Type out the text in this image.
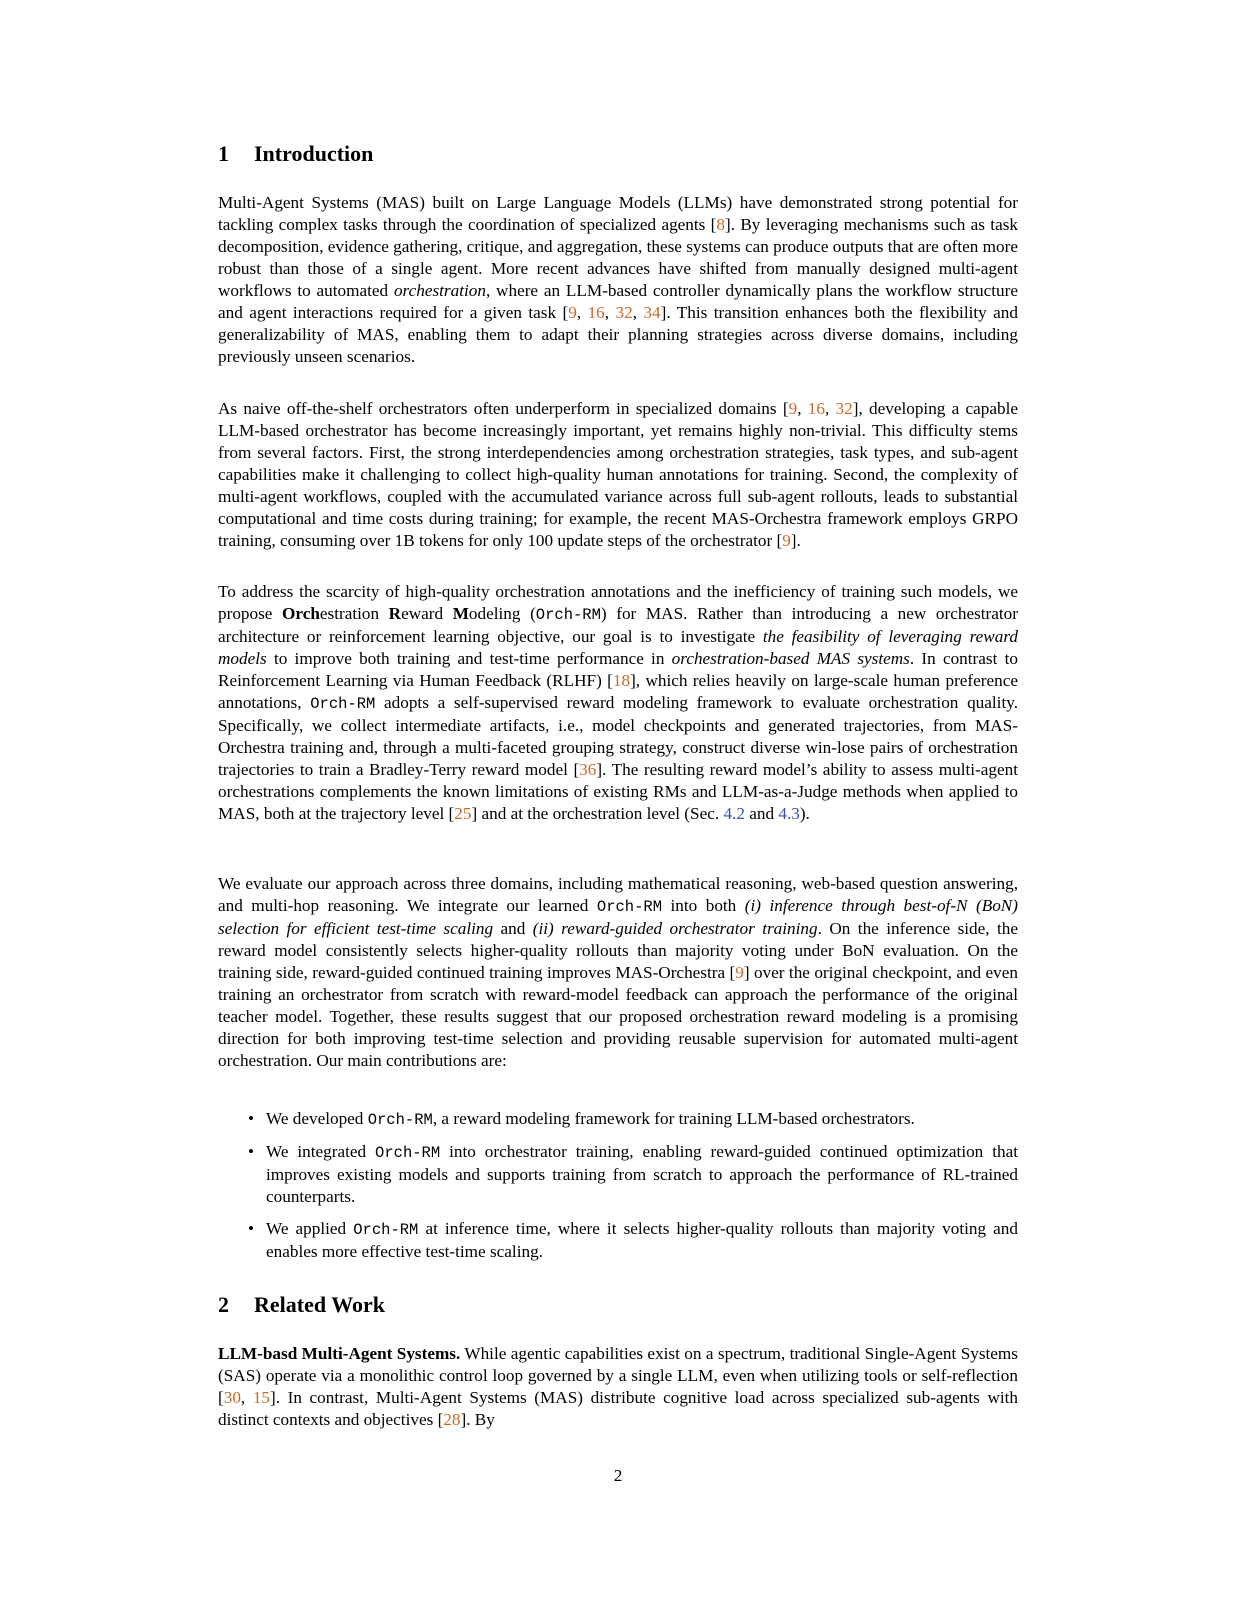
1 Introduction

Multi-Agent Systems (MAS) built on Large Language Models (LLMs) have demonstrated strong potential for tackling complex tasks through the coordination of specialized agents [8]. By leveraging mechanisms such as task decomposition, evidence gathering, critique, and aggregation, these systems can produce outputs that are often more robust than those of a single agent. More recent advances have shifted from manually designed multi-agent workflows to automated orchestration, where an LLM-based controller dynamically plans the workflow structure and agent interactions required for a given task [9, 16, 32, 34]. This transition enhances both the flexibility and generalizability of MAS, enabling them to adapt their planning strategies across diverse domains, including previously unseen scenarios.

As naive off-the-shelf orchestrators often underperform in specialized domains [9, 16, 32], developing a capable LLM-based orchestrator has become increasingly important, yet remains highly non-trivial. This difficulty stems from several factors. First, the strong interdependencies among orchestration strategies, task types, and sub-agent capabilities make it challenging to collect high-quality human annotations for training. Second, the complexity of multi-agent workflows, coupled with the accumulated variance across full sub-agent rollouts, leads to substantial computational and time costs during training; for example, the recent MAS-Orchestra framework employs GRPO training, consuming over 1B tokens for only 100 update steps of the orchestrator [9].

To address the scarcity of high-quality orchestration annotations and the inefficiency of training such models, we propose Orchestration Reward Modeling (Orch-RM) for MAS. Rather than introducing a new orchestrator architecture or reinforcement learning objective, our goal is to investigate the feasibility of leveraging reward models to improve both training and test-time performance in orchestration-based MAS systems. In contrast to Reinforcement Learning via Human Feedback (RLHF) [18], which relies heavily on large-scale human preference annotations, Orch-RM adopts a self-supervised reward modeling framework to evaluate orchestration quality. Specifically, we collect intermediate artifacts, i.e., model checkpoints and generated trajectories, from MAS-Orchestra training and, through a multi-faceted grouping strategy, construct diverse win-lose pairs of orchestration trajectories to train a Bradley-Terry reward model [36]. The resulting reward model’s ability to assess multi-agent orchestrations complements the known limitations of existing RMs and LLM-as-a-Judge methods when applied to MAS, both at the trajectory level [25] and at the orchestration level (Sec. 4.2 and 4.3).

We evaluate our approach across three domains, including mathematical reasoning, web-based question answering, and multi-hop reasoning. We integrate our learned Orch-RM into both (i) inference through best-of-N (BoN) selection for efficient test-time scaling and (ii) reward-guided orchestrator training. On the inference side, the reward model consistently selects higher-quality rollouts than majority voting under BoN evaluation. On the training side, reward-guided continued training improves MAS-Orchestra [9] over the original checkpoint, and even training an orchestrator from scratch with reward-model feedback can approach the performance of the original teacher model. Together, these results suggest that our proposed orchestration reward modeling is a promising direction for both improving test-time selection and providing reusable supervision for automated multi-agent orchestration. Our main contributions are:

• We developed Orch-RM, a reward modeling framework for training LLM-based orchestrators.
• We integrated Orch-RM into orchestrator training, enabling reward-guided continued optimization that improves existing models and supports training from scratch to approach the performance of RL-trained counterparts.
• We applied Orch-RM at inference time, where it selects higher-quality rollouts than majority voting and enables more effective test-time scaling.
2 Related Work

LLM-basd Multi-Agent Systems. While agentic capabilities exist on a spectrum, traditional Single-Agent Systems (SAS) operate via a monolithic control loop governed by a single LLM, even when utilizing tools or self-reflection [30, 15]. In contrast, Multi-Agent Systems (MAS) distribute cognitive load across specialized sub-agents with distinct contexts and objectives [28]. By

2
